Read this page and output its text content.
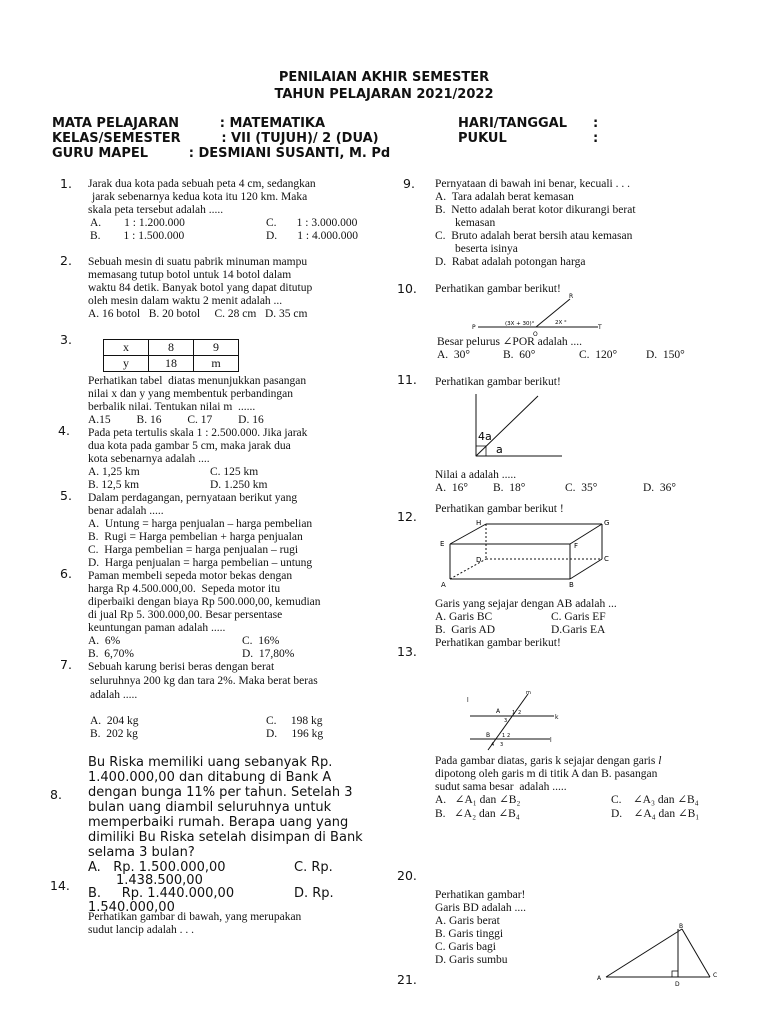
PENILAIAN AKHIR SEMESTER
TAHUN PELAJARAN 2021/2022
MATA PELAJARAN         : MATEMATIKA
KELAS/SEMESTER         : VII (TUJUH)/ 2 (DUA)
GURU MAPEL         : DESMIANI SUSANTI, M. Pd
HARI/TANGGAL :
PUKUL	:
1. Jarak dua kota pada sebuah peta 4 cm, sedangkan
jarak sebenarnya kedua kota itu 120 km. Maka
skala peta tersebut adalah .....
A.        1 : 1.200.000	C.       1 : 3.000.000
B.        1 : 1.500.000	D.       1 : 4.000.000
2. Sebuah mesin di suatu pabrik minuman mampu
memasang tutup botol untuk 14 botol dalam
waktu 84 detik. Banyak botol yang dapat ditutup
oleh mesin dalam waktu 2 menit adalah ...
A. 16 botol   B. 20 botol     C. 28 cm   D. 35 cm
3.	x	8	9
y	18	m
Perhatikan tabel  diatas menunjukkan pasangan
nilai x dan y yang membentuk perbandingan
berbalik nilai. Tentukan nilai m  ......
A.15         B. 16         C. 17         D. 16
4. Pada peta tertulis skala 1 : 2.500.000. Jika jarak
dua kota pada gambar 5 cm, maka jarak dua
kota sebenarnya adalah ....
A. 1,25 km	C. 125 km
B. 12,5 km	D. 1.250 km
5. Dalam perdagangan, pernyataan berikut yang
benar adalah .....
A.  Untung = harga penjualan – harga pembelian
B.  Rugi = Harga pembelian + harga penjualan
C.  Harga pembelian = harga penjualan – rugi
D.  Harga penjualan = harga pembelian – untung
6. Paman membeli sepeda motor bekas dengan
harga Rp 4.500.000,00.  Sepeda motor itu
diperbaiki dengan biaya Rp 500.000,00, kemudian
di jual Rp 5. 300.000,00. Besar persentase
keuntungan paman adalah .....
A.  6%	C.  16%
B.  6,70%	D.  17,80%
7. Sebuah karung berisi beras dengan berat
seluruhnya 200 kg dan tara 2%. Maka berat beras
adalah .....
A.  204 kg	C.     198 kg
B.  202 kg	D.     196 kg
8.
Bu Riska memiliki uang sebanyak Rp.
1.400.000,00 dan ditabung di Bank A
dengan bunga 11% per tahun. Setelah 3
bulan uang diambil seluruhnya untuk
memperbaiki rumah. Berapa uang yang
dimiliki Bu Riska setelah disimpan di Bank
selama 3 bulan?
A.   Rp. 1.500.000,00	C. Rp.
1.438.500,00
B.     Rp. 1.440.000,00	D. Rp.
1.540.000,00
14.
Perhatikan gambar di bawah, yang merupakan
sudut lancip adalah . . .
9. Pernyataan di bawah ini benar, kecuali . . .
A.  Tara adalah berat kemasan
B.  Netto adalah berat kotor dikurangi berat
kemasan
C.  Bruto adalah berat bersih atau kemasan
beserta isinya
D.  Rabat adalah potongan harga
10. Perhatikan gambar berikut!
R
P
O
T
(3X + 30)°	2X °
Besar pelurus ∠POR adalah ....
A.  30°	B.  60°	C.  120°	D.  150°
11. Perhatikan gambar berikut!
4a
a
Nilai a adalah .....
A.  16° B.  18°	C.  35°	D.  36°
12. Perhatikan gambar berikut !
H	G
E	F
D	C
A	B
Garis yang sejajar dengan AB adalah ...
A. Garis BC	C. Garis EF
B.  Garis AD	D.Garis EA
13.
Perhatikan gambar berikut!
m
l
k
l
A
B
1 2
3
1 2
4 3
Pada gambar diatas, garis k sejajar dengan garis l
dipotong oleh garis m di titik A dan B. pasangan
sudut sama besar  adalah .....
A.   ∠A₁ dan ∠B₂	C.    ∠A₃ dan ∠B₄
B.   ∠A₂ dan ∠B₄	D.    ∠A₄ dan ∠B₁
20.
Perhatikan gambar!
Garis BD adalah ....
A. Garis berat
B. Garis tinggi
C. Garis bagi
D. Garis sumbu
B
A	C
D
21.
